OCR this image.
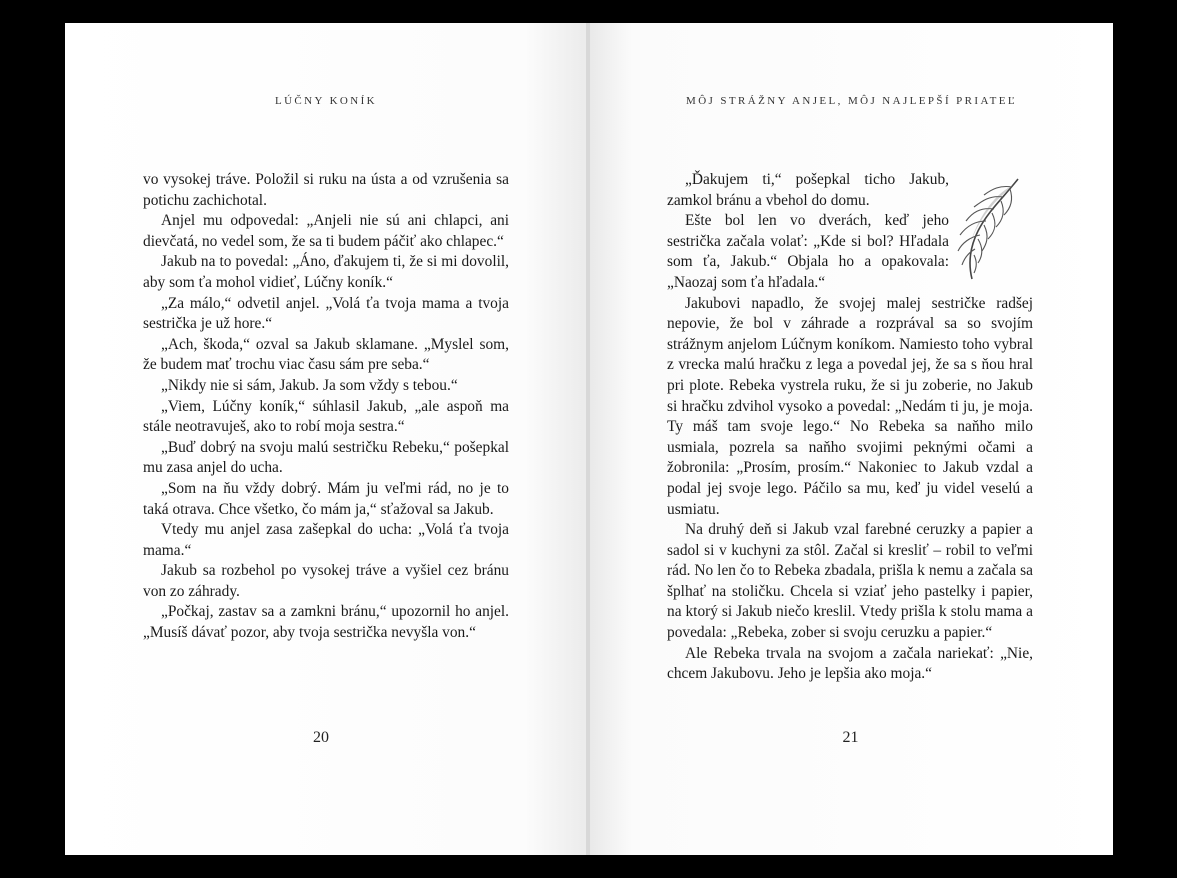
LÚČNY KONÍK

vo vysokej tráve. Položil si ruku na ústa a od vzrušenia sa potichu zachichotal.

Anjel mu odpovedal: „Anjeli nie sú ani chlapci, ani dievčatá, no vedel som, že sa ti budem páčiť ako chlapec.“

Jakub na to povedal: „Áno, ďakujem ti, že si mi dovolil, aby som ťa mohol vidieť, Lúčny koník.“

„Za málo,“ odvetil anjel. „Volá ťa tvoja mama a tvoja sestrička je už hore.“

„Ach, škoda,“ ozval sa Jakub sklamane. „Myslel som, že budem mať trochu viac času sám pre seba.“

„Nikdy nie si sám, Jakub. Ja som vždy s tebou.“

„Viem, Lúčny koník,“ súhlasil Jakub, „ale aspoň ma stále neotravuješ, ako to robí moja sestra.“

„Buď dobrý na svoju malú sestričku Rebeku,“ pošepkal mu zasa anjel do ucha.

„Som na ňu vždy dobrý. Mám ju veľmi rád, no je to taká otrava. Chce všetko, čo mám ja,“ sťažoval sa Jakub.

Vtedy mu anjel zasa zašepkal do ucha: „Volá ťa tvoja mama.“

Jakub sa rozbehol po vysokej tráve a vyšiel cez bránu von zo záhrady.

„Počkaj, zastav sa a zamkni bránu,“ upozornil ho anjel. „Musíš dávať pozor, aby tvoja sestrička nevyšla von.“

20
MÔJ STRÁŽNY ANJEL, MÔJ NAJLEPŠÍ PRIATEĽ

„Ďakujem ti,“ pošepkal ticho Jakub, zamkol bránu a vbehol do domu.

Ešte bol len vo dverách, keď jeho sestrička začala volať: „Kde si bol? Hľadala som ťa, Jakub.“ Objala ho a opakovala: „Naozaj som ťa hľadala.“

Jakubovi napadlo, že svojej malej sestričke radšej nepovie, že bol v záhrade a rozprával sa so svojím strážnym anjelom Lúčnym koníkom. Namiesto toho vybral z vrecka malú hračku z lega a povedal jej, že sa s ňou hral pri plote. Rebeka vystrela ruku, že si ju zoberie, no Jakub si hračku zdvihol vysoko a povedal: „Nedám ti ju, je moja. Ty máš tam svoje lego.“ No Rebeka sa naňho milo usmiala, pozrela sa naňho svojimi peknými očami a žobronila: „Prosím, prosím.“ Nakoniec to Jakub vzdal a podal jej svoje lego. Páčilo sa mu, keď ju videl veselú a usmiatu.

Na druhý deň si Jakub vzal farebné ceruzky a papier a sadol si v kuchyni za stôl. Začal si kresliť – robil to veľmi rád. No len čo to Rebeka zbadala, prišla k nemu a začala sa šplhať na stoličku. Chcela si vziať jeho pastelky i papier, na ktorý si Jakub niečo kreslil. Vtedy prišla k stolu mama a povedala: „Rebeka, zober si svoju ceruzku a papier.“

Ale Rebeka trvala na svojom a začala nariekať: „Nie, chcem Jakubovu. Jeho je lepšia ako moja.“

21
